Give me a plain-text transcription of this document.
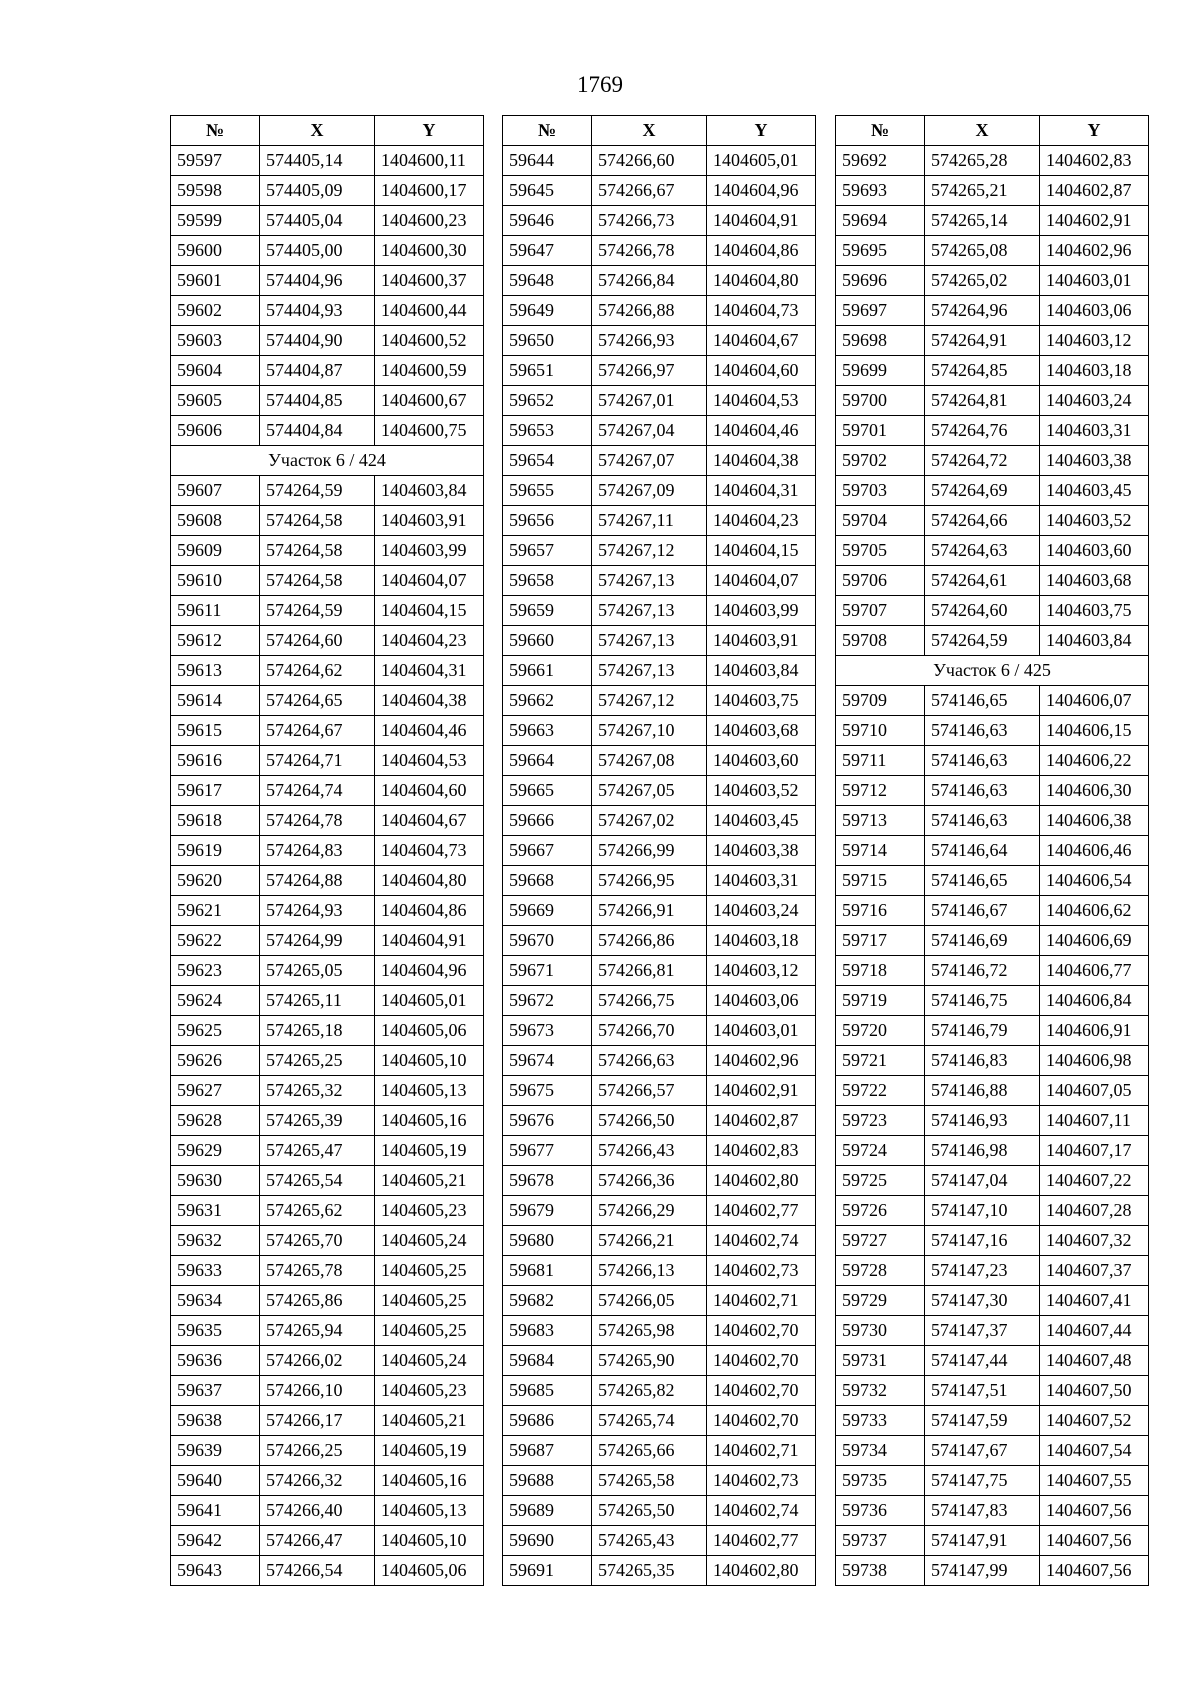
1769
№	X	Y
59597	574405,14	1404600,11
59598	574405,09	1404600,17
59599	574405,04	1404600,23
59600	574405,00	1404600,30
59601	574404,96	1404600,37
59602	574404,93	1404600,44
59603	574404,90	1404600,52
59604	574404,87	1404600,59
59605	574404,85	1404600,67
59606	574404,84	1404600,75
Участок 6 / 424		
59607	574264,59	1404603,84
59608	574264,58	1404603,91
59609	574264,58	1404603,99
59610	574264,58	1404604,07
59611	574264,59	1404604,15
59612	574264,60	1404604,23
59613	574264,62	1404604,31
59614	574264,65	1404604,38
59615	574264,67	1404604,46
59616	574264,71	1404604,53
59617	574264,74	1404604,60
59618	574264,78	1404604,67
59619	574264,83	1404604,73
59620	574264,88	1404604,80
59621	574264,93	1404604,86
59622	574264,99	1404604,91
59623	574265,05	1404604,96
59624	574265,11	1404605,01
59625	574265,18	1404605,06
59626	574265,25	1404605,10
59627	574265,32	1404605,13
59628	574265,39	1404605,16
59629	574265,47	1404605,19
59630	574265,54	1404605,21
59631	574265,62	1404605,23
59632	574265,70	1404605,24
59633	574265,78	1404605,25
59634	574265,86	1404605,25
59635	574265,94	1404605,25
59636	574266,02	1404605,24
59637	574266,10	1404605,23
59638	574266,17	1404605,21
59639	574266,25	1404605,19
59640	574266,32	1404605,16
59641	574266,40	1404605,13
59642	574266,47	1404605,10
59643	574266,54	1404605,06
№	X	Y
59644	574266,60	1404605,01
59645	574266,67	1404604,96
59646	574266,73	1404604,91
59647	574266,78	1404604,86
59648	574266,84	1404604,80
59649	574266,88	1404604,73
59650	574266,93	1404604,67
59651	574266,97	1404604,60
59652	574267,01	1404604,53
59653	574267,04	1404604,46
59654	574267,07	1404604,38
59655	574267,09	1404604,31
59656	574267,11	1404604,23
59657	574267,12	1404604,15
59658	574267,13	1404604,07
59659	574267,13	1404603,99
59660	574267,13	1404603,91
59661	574267,13	1404603,84
59662	574267,12	1404603,75
59663	574267,10	1404603,68
59664	574267,08	1404603,60
59665	574267,05	1404603,52
59666	574267,02	1404603,45
59667	574266,99	1404603,38
59668	574266,95	1404603,31
59669	574266,91	1404603,24
59670	574266,86	1404603,18
59671	574266,81	1404603,12
59672	574266,75	1404603,06
59673	574266,70	1404603,01
59674	574266,63	1404602,96
59675	574266,57	1404602,91
59676	574266,50	1404602,87
59677	574266,43	1404602,83
59678	574266,36	1404602,80
59679	574266,29	1404602,77
59680	574266,21	1404602,74
59681	574266,13	1404602,73
59682	574266,05	1404602,71
59683	574265,98	1404602,70
59684	574265,90	1404602,70
59685	574265,82	1404602,70
59686	574265,74	1404602,70
59687	574265,66	1404602,71
59688	574265,58	1404602,73
59689	574265,50	1404602,74
59690	574265,43	1404602,77
59691	574265,35	1404602,80
№	X	Y
59692	574265,28	1404602,83
59693	574265,21	1404602,87
59694	574265,14	1404602,91
59695	574265,08	1404602,96
59696	574265,02	1404603,01
59697	574264,96	1404603,06
59698	574264,91	1404603,12
59699	574264,85	1404603,18
59700	574264,81	1404603,24
59701	574264,76	1404603,31
59702	574264,72	1404603,38
59703	574264,69	1404603,45
59704	574264,66	1404603,52
59705	574264,63	1404603,60
59706	574264,61	1404603,68
59707	574264,60	1404603,75
59708	574264,59	1404603,84
Участок 6 / 425		
59709	574146,65	1404606,07
59710	574146,63	1404606,15
59711	574146,63	1404606,22
59712	574146,63	1404606,30
59713	574146,63	1404606,38
59714	574146,64	1404606,46
59715	574146,65	1404606,54
59716	574146,67	1404606,62
59717	574146,69	1404606,69
59718	574146,72	1404606,77
59719	574146,75	1404606,84
59720	574146,79	1404606,91
59721	574146,83	1404606,98
59722	574146,88	1404607,05
59723	574146,93	1404607,11
59724	574146,98	1404607,17
59725	574147,04	1404607,22
59726	574147,10	1404607,28
59727	574147,16	1404607,32
59728	574147,23	1404607,37
59729	574147,30	1404607,41
59730	574147,37	1404607,44
59731	574147,44	1404607,48
59732	574147,51	1404607,50
59733	574147,59	1404607,52
59734	574147,67	1404607,54
59735	574147,75	1404607,55
59736	574147,83	1404607,56
59737	574147,91	1404607,56
59738	574147,99	1404607,56
